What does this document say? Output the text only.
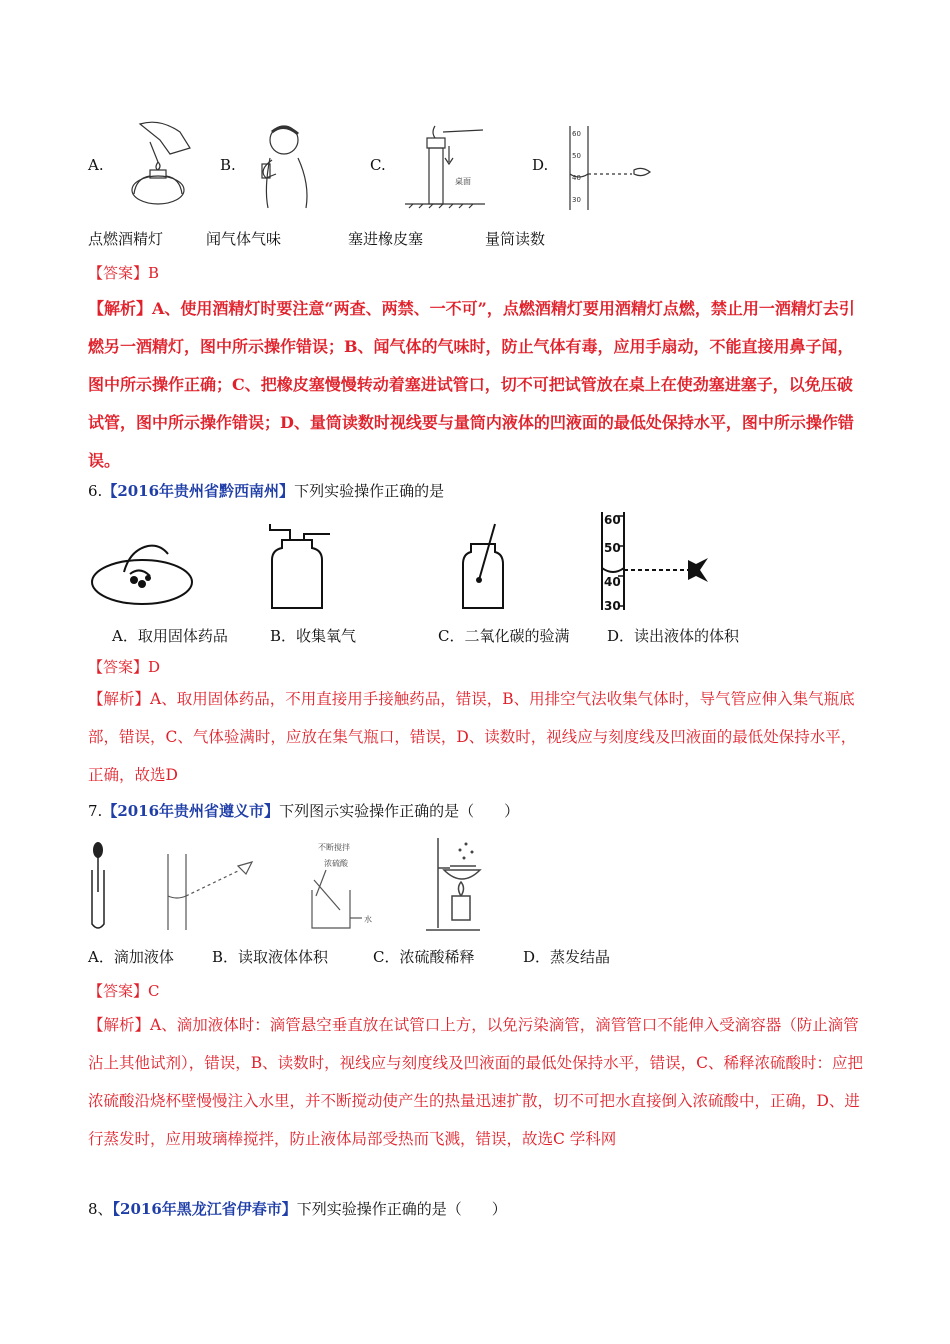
A.	B.	C.
桌面
D.
60
50
40
30
点燃酒精灯	闻气体气味	塞进橡皮塞	量筒读数
【答案】B
【解析】A、使用酒精灯时要注意“两查、两禁、一不可”，点燃酒精灯要用酒精灯点燃，禁止用一酒精灯去引燃另一酒精灯，图中所示操作错误；B、闻气体的气味时，防止气体有毒，应用手扇动，不能直接用鼻子闻，图中所示操作正确；C、把橡皮塞慢慢转动着塞进试管口，切不可把试管放在桌上在使劲塞进塞子，以免压破试管，图中所示操作错误；D、量筒读数时视线要与量筒内液体的凹液面的最低处保持水平，图中所示操作错误。
6.【2016年贵州省黔西南州】下列实验操作正确的是
60
50
40
30
A．取用固体药品	B．收集氧气	C．二氧化碳的验满	D．读出液体的体积
【答案】D
【解析】A、取用固体药品，不用直接用手接触药品，错误，B、用排空气法收集气体时，导气管应伸入集气瓶底部，错误，C、气体验满时，应放在集气瓶口，错误，D、读数时，视线应与刻度线及凹液面的最低处保持水平，正确，故选D
7.【2016年贵州省遵义市】下列图示实验操作正确的是（　　）
不断搅拌
浓硫酸
水
A．滴加液体	B．读取液体体积	C．浓硫酸稀释	D．蒸发结晶
【答案】C
【解析】A、滴加液体时：滴管悬空垂直放在试管口上方，以免污染滴管，滴管管口不能伸入受滴容器（防止滴管沾上其他试剂），错误，B、读数时，视线应与刻度线及凹液面的最低处保持水平，错误，C、稀释浓硫酸时：应把浓硫酸沿烧杯壁慢慢注入水里，并不断搅动使产生的热量迅速扩散，切不可把水直接倒入浓硫酸中，正确，D、进行蒸发时，应用玻璃棒搅拌，防止液体局部受热而飞溅，错误，故选C 学科网
8、【2016年黑龙江省伊春市】下列实验操作正确的是（　　）
